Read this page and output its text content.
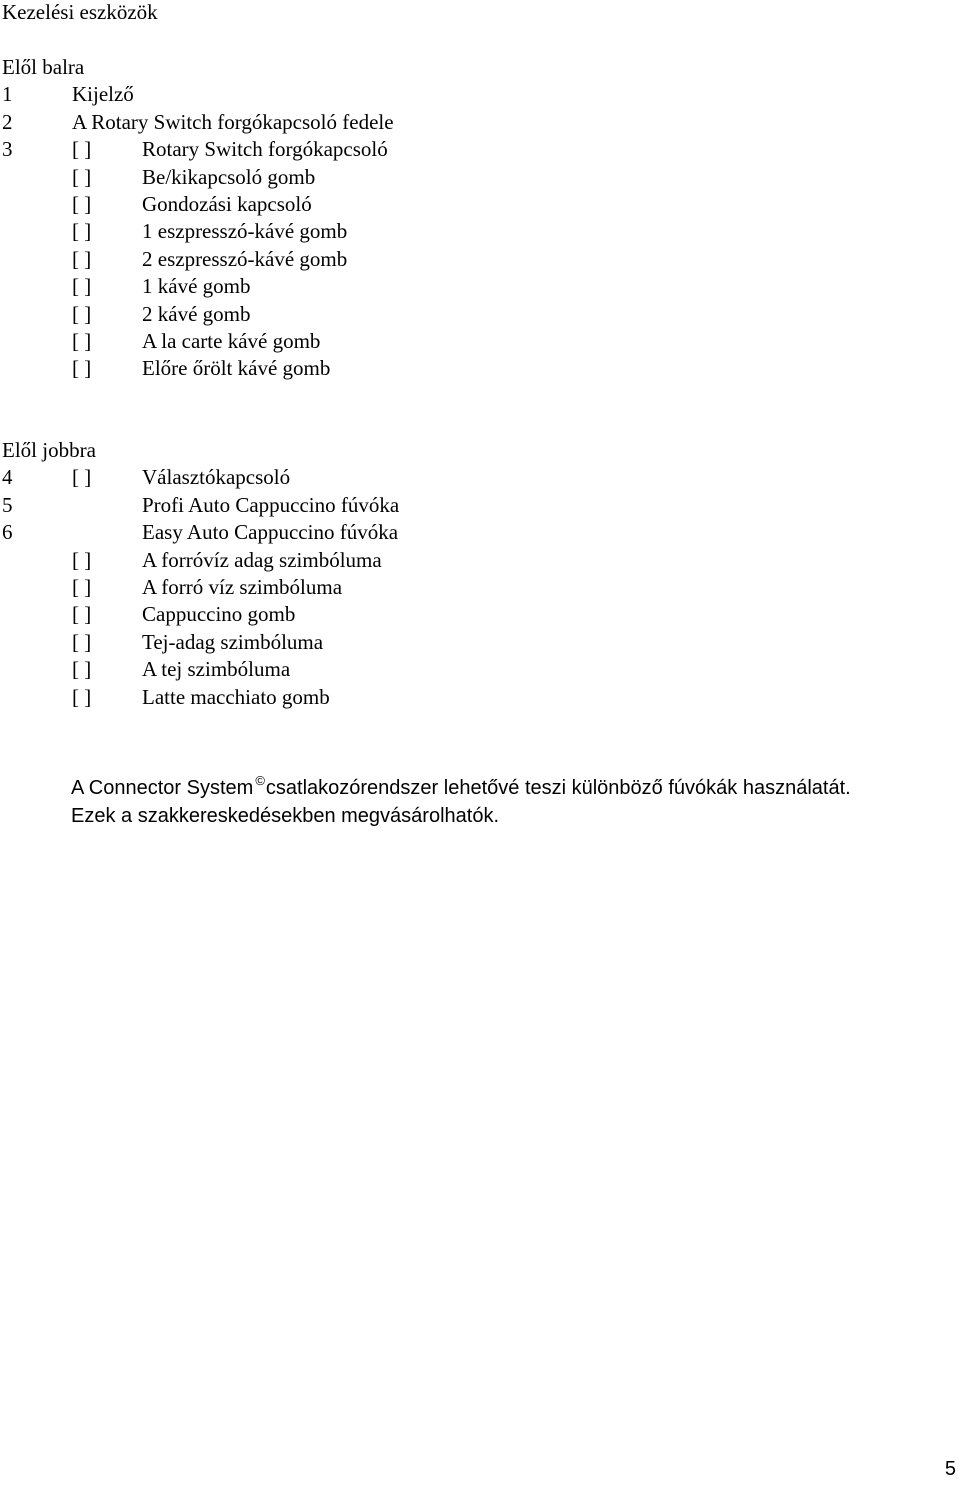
Kezelési eszközök
Elől balra
1	Kijelző
2	A Rotary Switch forgókapcsoló fedele
3	[ ] Rotary Switch forgókapcsoló
[ ] Be/kikapcsoló gomb
[ ] Gondozási kapcsoló
[ ] 1 eszpresszó-kávé gomb
[ ] 2 eszpresszó-kávé gomb
[ ] 1 kávé gomb
[ ] 2 kávé gomb
[ ] A la carte kávé gomb
[ ] Előre őrölt kávé gomb
Elől jobbra
4	[ ] Választókapcsoló
5	Profi Auto Cappuccino fúvóka
6	Easy Auto Cappuccino fúvóka
[ ] A forróvíz adag szimbóluma
[ ] A forró víz szimbóluma
[ ] Cappuccino gomb
[ ] Tej-adag szimbóluma
[ ] A tej szimbóluma
[ ] Latte macchiato gomb
A Connector System ©csatlakozórendszer lehetővé teszi különböző fúvókák használatát.
Ezek a szakkereskedésekben megvásárolhatók.
5
